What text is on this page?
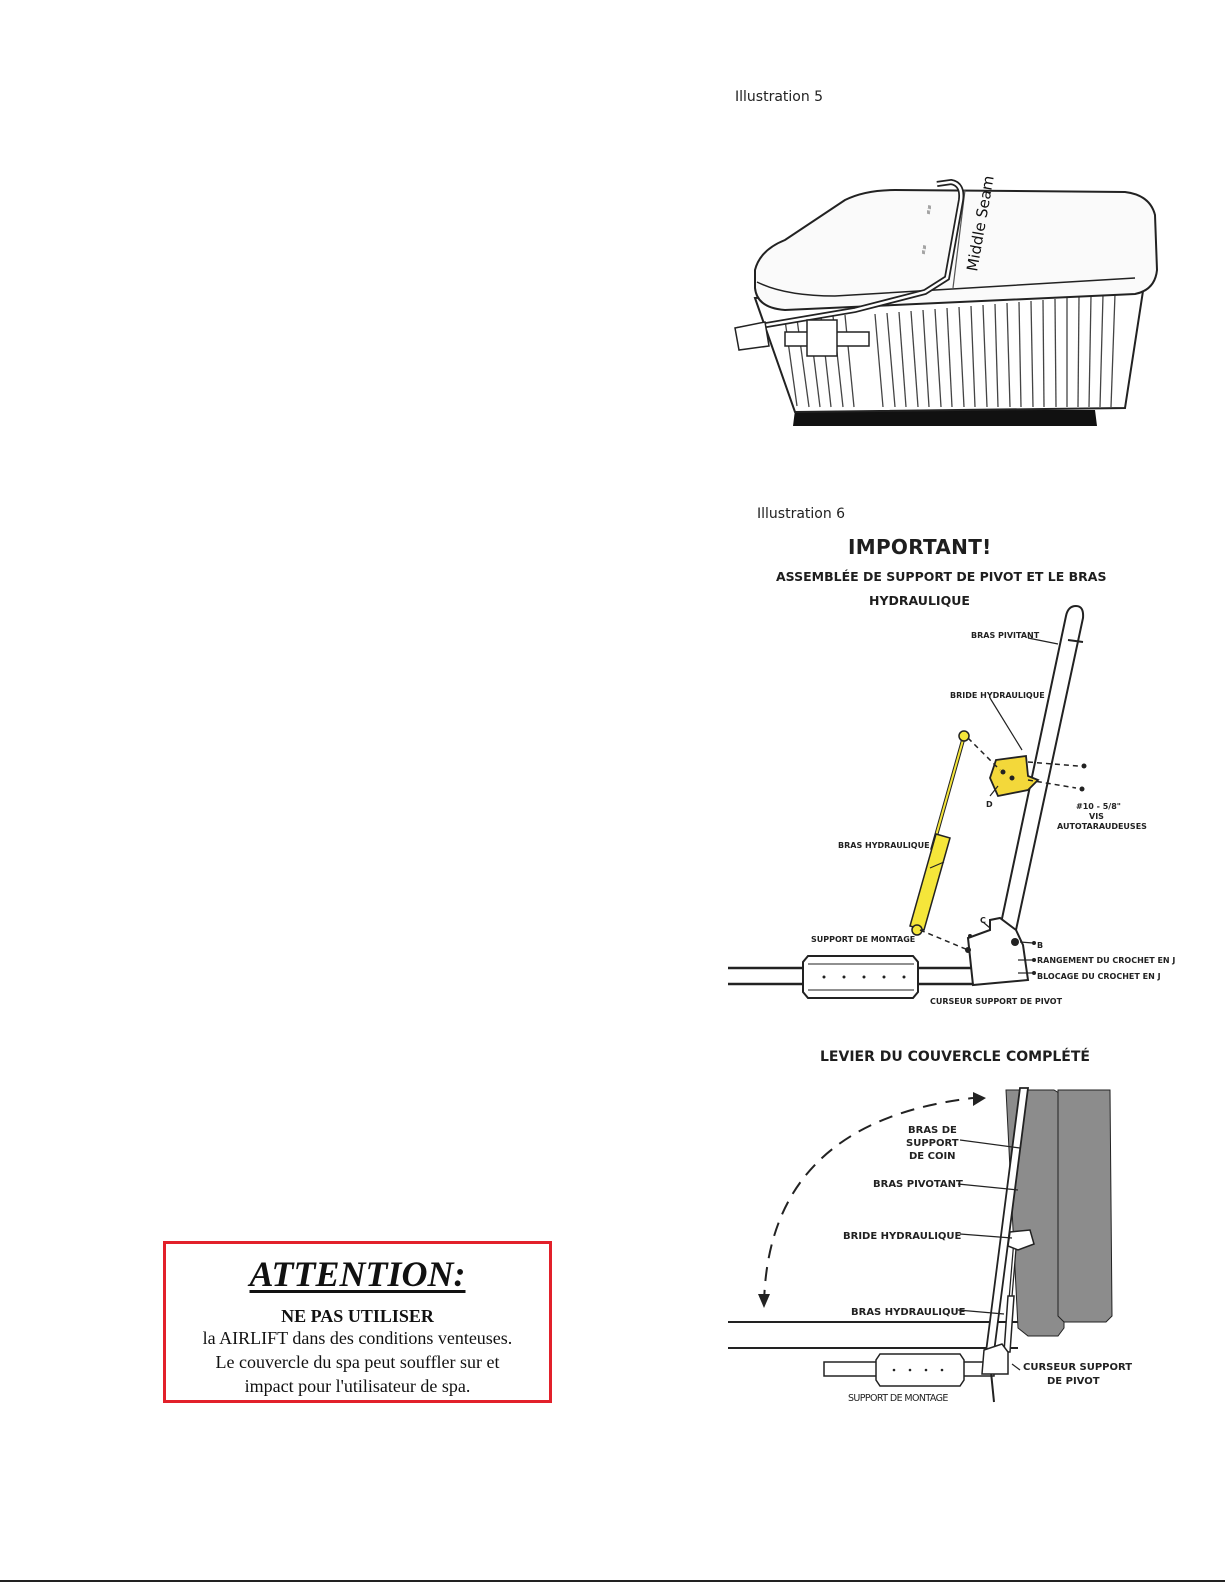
Illustration 5
≡≡
≡≡ Middle Seam
Illustration 6
IMPORTANT!
ASSEMBLÉE DE SUPPORT DE PIVOT ET LE BRAS
HYDRAULIQUE
BRAS PIVITANT
BRIDE HYDRAULIQUE
D	#10 - 5/8"
VIS
AUTOTARAUDEUSES
BRAS HYDRAULIQUE
C
SUPPORT DE MONTAGE
B
RANGEMENT DU CROCHET EN J
BLOCAGE DU CROCHET EN J
CURSEUR SUPPORT DE PIVOT
LEVIER DU COUVERCLE COMPLÉTÉ
BRAS DE
SUPPORT
DE COIN
BRAS PIVOTANT
BRIDE HYDRAULIQUE
BRAS HYDRAULIQUE
CURSEUR SUPPORT
DE PIVOT
SUPPORT DE MONTAGE
ATTENTION:
NE PAS UTILISER
la AIRLIFT dans des conditions venteuses.
Le couvercle du spa peut souffler sur et
impact pour l'utilisateur de spa.
